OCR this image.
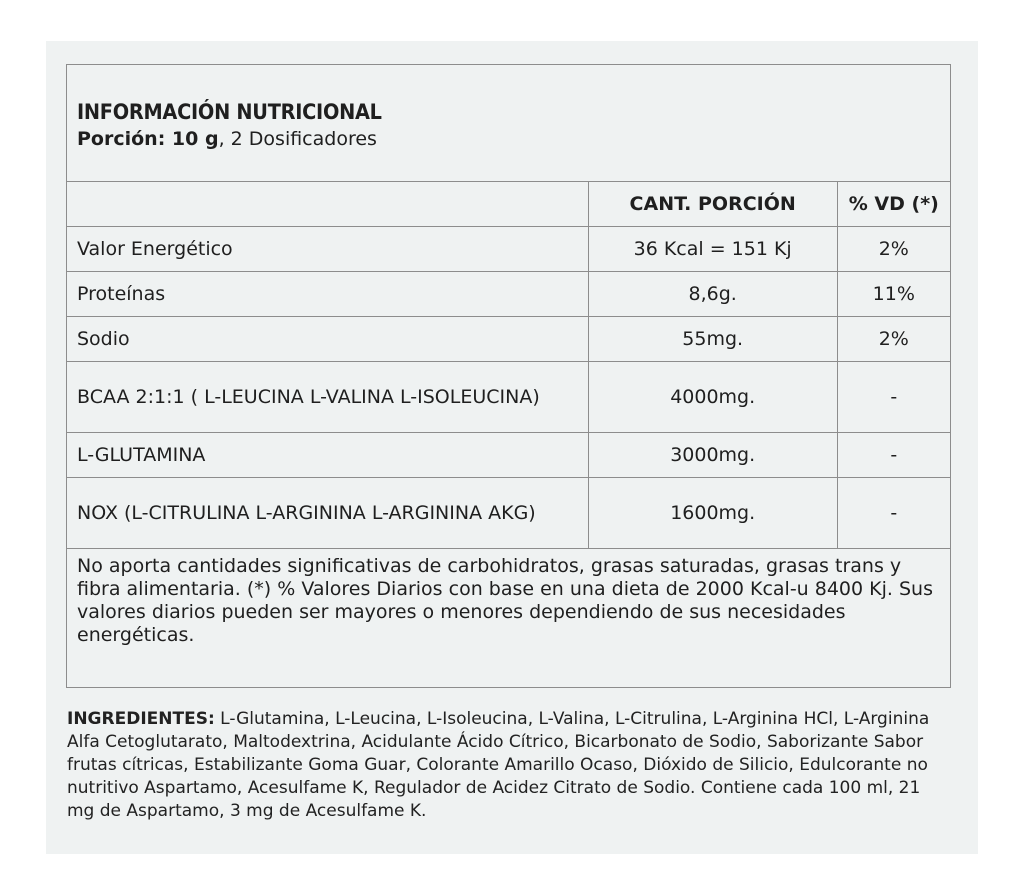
INFORMACIÓN NUTRICIONAL
Porción: 10 g, 2 Dosificadores		

	CANT. PORCIÓN	% VD (*)
Valor Energético	36 Kcal = 151 Kj	2%
Proteínas	8,6g.	11%
Sodio	55mg.	2%
BCAA 2:1:1 ( L-LEUCINA L-VALINA L-ISOLEUCINA)	4000mg.	-
L-GLUTAMINA	3000mg.	-
NOX (L-CITRULINA L-ARGININA L-ARGININA AKG)	1600mg.	-
No aporta cantidades significativas de carbohidratos, grasas saturadas, grasas trans y fibra alimentaria. (*) % Valores Diarios con base en una dieta de 2000 Kcal-u 8400 Kj. Sus valores diarios pueden ser mayores o menores dependiendo de sus necesidades energéticas.		
INGREDIENTES: L-Glutamina, L-Leucina, L-Isoleucina, L-Valina, L-Citrulina, L-Arginina HCl, L-Arginina Alfa Cetoglutarato, Maltodextrina, Acidulante Ácido Cítrico, Bicarbonato de Sodio, Saborizante Sabor frutas cítricas, Estabilizante Goma Guar, Colorante Amarillo Ocaso, Dióxido de Silicio, Edulcorante no nutritivo Aspartamo, Acesulfame K, Regulador de Acidez Citrato de Sodio. Contiene cada 100 ml, 21 mg de Aspartamo, 3 mg de Acesulfame K.
